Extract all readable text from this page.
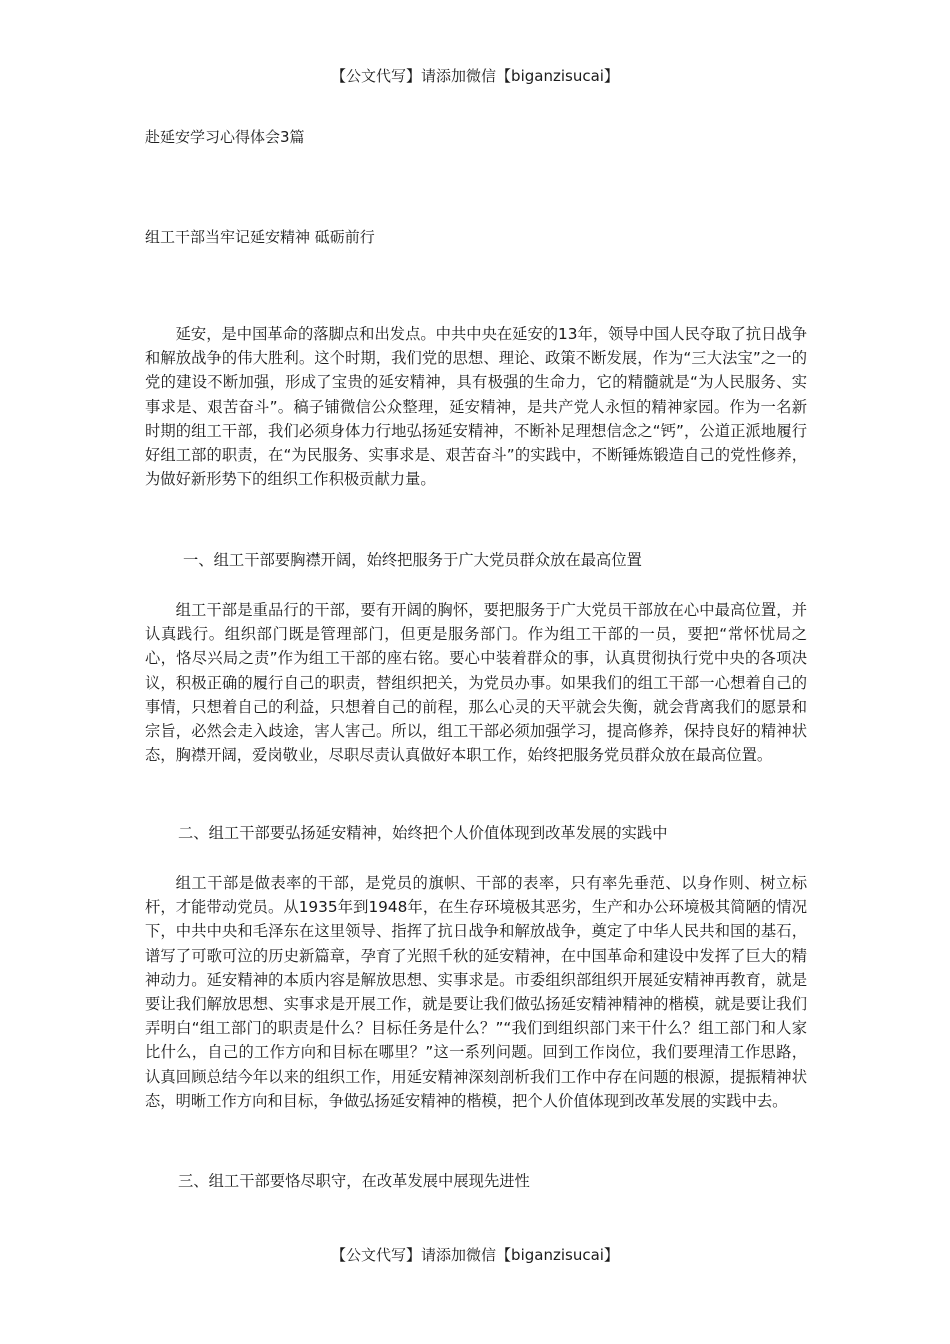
【公文代写】请添加微信【biganzisucai】
赴延安学习心得体会3篇
组工干部当牢记延安精神 砥砺前行
延安，是中国革命的落脚点和出发点。中共中央在延安的13年，领导中国人民夺取了抗日战争和解放战争的伟大胜利。这个时期，我们党的思想、理论、政策不断发展，作为“三大法宝”之一的党的建设不断加强，形成了宝贵的延安精神，具有极强的生命力，它的精髓就是“为人民服务、实事求是、艰苦奋斗”。稿子铺微信公众整理，延安精神，是共产党人永恒的精神家园。作为一名新时期的组工干部，我们必须身体力行地弘扬延安精神，不断补足理想信念之“钙”，公道正派地履行好组工部的职责，在“为民服务、实事求是、艰苦奋斗”的实践中，不断锤炼锻造自己的党性修养，为做好新形势下的组织工作积极贡献力量。
一、组工干部要胸襟开阔，始终把服务于广大党员群众放在最高位置
组工干部是重品行的干部，要有开阔的胸怀，要把服务于广大党员干部放在心中最高位置，并认真践行。组织部门既是管理部门，但更是服务部门。作为组工干部的一员，要把“常怀忧局之心，恪尽兴局之责”作为组工干部的座右铭。要心中装着群众的事，认真贯彻执行党中央的各项决议，积极正确的履行自己的职责，替组织把关，为党员办事。如果我们的组工干部一心想着自己的事情，只想着自己的利益，只想着自己的前程，那么心灵的天平就会失衡，就会背离我们的愿景和宗旨，必然会走入歧途，害人害己。所以，组工干部必须加强学习，提高修养，保持良好的精神状态，胸襟开阔，爱岗敬业，尽职尽责认真做好本职工作，始终把服务党员群众放在最高位置。
二、组工干部要弘扬延安精神，始终把个人价值体现到改革发展的实践中
组工干部是做表率的干部，是党员的旗帜、干部的表率，只有率先垂范、以身作则、树立标杆，才能带动党员。从1935年到1948年，在生存环境极其恶劣，生产和办公环境极其简陋的情况下，中共中央和毛泽东在这里领导、指挥了抗日战争和解放战争，奠定了中华人民共和国的基石，谱写了可歌可泣的历史新篇章，孕育了光照千秋的延安精神，在中国革命和建设中发挥了巨大的精神动力。延安精神的本质内容是解放思想、实事求是。市委组织部组织开展延安精神再教育，就是要让我们解放思想、实事求是开展工作，就是要让我们做弘扬延安精神精神的楷模，就是要让我们弄明白“组工部门的职责是什么？目标任务是什么？”“我们到组织部门来干什么？组工部门和人家比什么，自己的工作方向和目标在哪里？”这一系列问题。回到工作岗位，我们要理清工作思路，认真回顾总结今年以来的组织工作，用延安精神深刻剖析我们工作中存在问题的根源，提振精神状态，明晰工作方向和目标，争做弘扬延安精神的楷模，把个人价值体现到改革发展的实践中去。
三、组工干部要恪尽职守，在改革发展中展现先进性
【公文代写】请添加微信【biganzisucai】
